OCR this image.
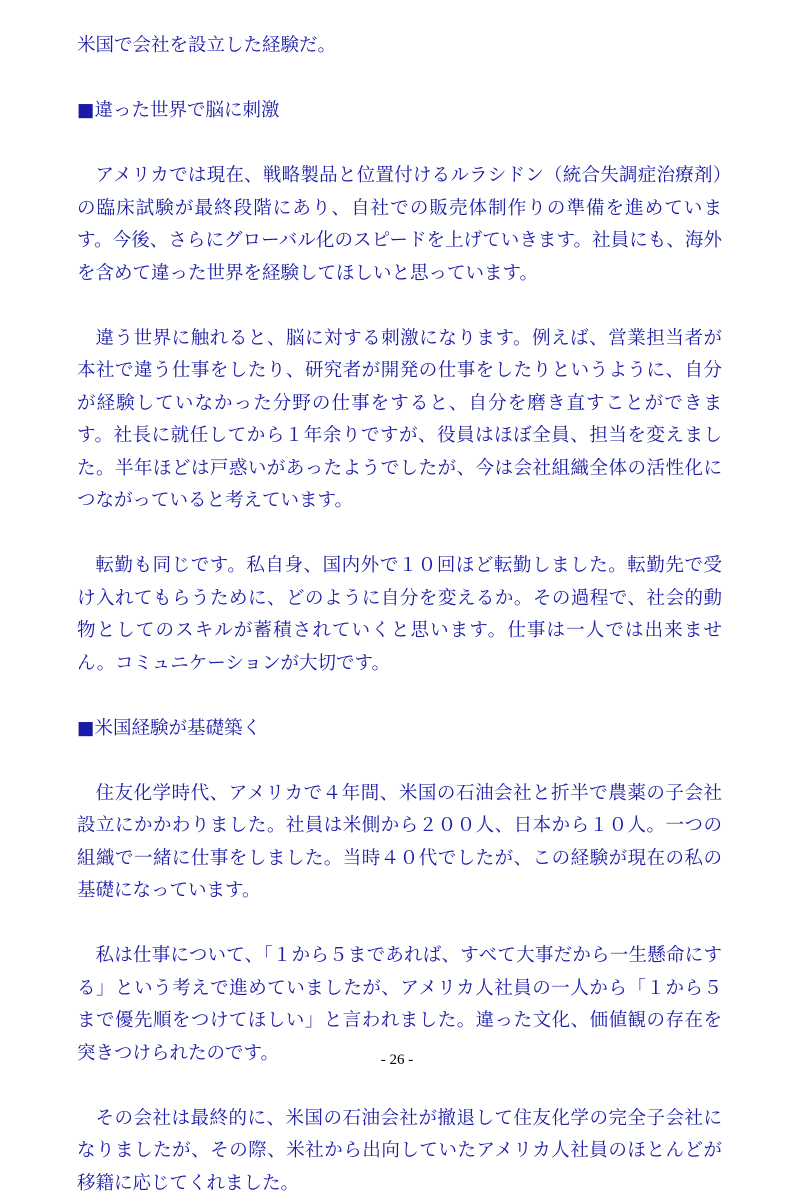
米国で会社を設立した経験だ。

■違った世界で脳に刺激

アメリカでは現在、戦略製品と位置付けるルラシドン（統合失調症治療剤）の臨床試験が最終段階にあり、自社での販売体制作りの準備を進めています。今後、さらにグローバル化のスピードを上げていきます。社員にも、海外を含めて違った世界を経験してほしいと思っています。

違う世界に触れると、脳に対する刺激になります。例えば、営業担当者が本社で違う仕事をしたり、研究者が開発の仕事をしたりというように、自分が経験していなかった分野の仕事をすると、自分を磨き直すことができます。社長に就任してから１年余りですが、役員はほぼ全員、担当を変えました。半年ほどは戸惑いがあったようでしたが、今は会社組織全体の活性化につながっていると考えています。

転勤も同じです。私自身、国内外で１０回ほど転勤しました。転勤先で受け入れてもらうために、どのように自分を変えるか。その過程で、社会的動物としてのスキルが蓄積されていくと思います。仕事は一人では出来ません。コミュニケーションが大切です。

■米国経験が基礎築く

住友化学時代、アメリカで４年間、米国の石油会社と折半で農薬の子会社設立にかかわりました。社員は米側から２００人、日本から１０人。一つの組織で一緒に仕事をしました。当時４０代でしたが、この経験が現在の私の基礎になっています。

私は仕事について、「１から５まであれば、すべて大事だから一生懸命にする」という考えで進めていましたが、アメリカ人社員の一人から「１から５まで優先順をつけてほしい」と言われました。違った文化、価値観の存在を突きつけられたのです。

その会社は最終的に、米国の石油会社が撤退して住友化学の完全子会社になりましたが、その際、米社から出向していたアメリカ人社員のほとんどが移籍に応じてくれました。

- 26 -
